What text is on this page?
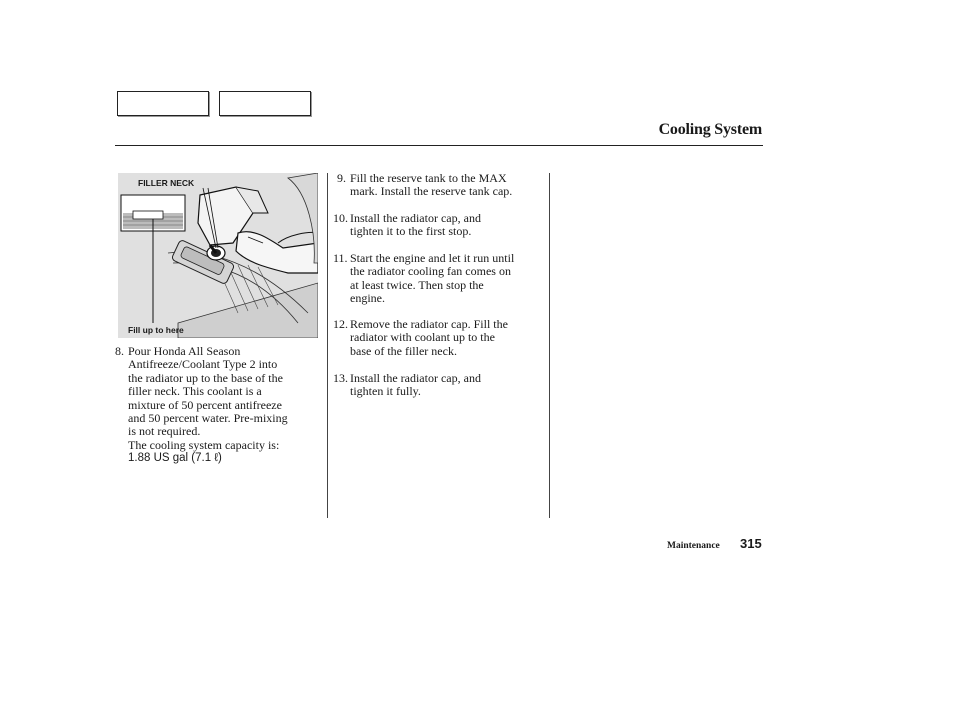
Cooling System
FILLER NECK
Fill up to here
8. Pour Honda All Season
Antifreeze/Coolant Type 2 into
the radiator up to the base of the
filler neck. This coolant is a
mixture of 50 percent antifreeze
and 50 percent water. Pre-mixing
is not required.
The cooling system capacity is:
1.88 US gal (7.1 ℓ)
9. Fill the reserve tank to the MAX
mark. Install the reserve tank cap.
10. Install the radiator cap, and
tighten it to the first stop.
11. Start the engine and let it run until
the radiator cooling fan comes on
at least twice. Then stop the
engine.
12. Remove the radiator cap. Fill the
radiator with coolant up to the
base of the filler neck.
13. Install the radiator cap, and
tighten it fully.
Maintenance 315
